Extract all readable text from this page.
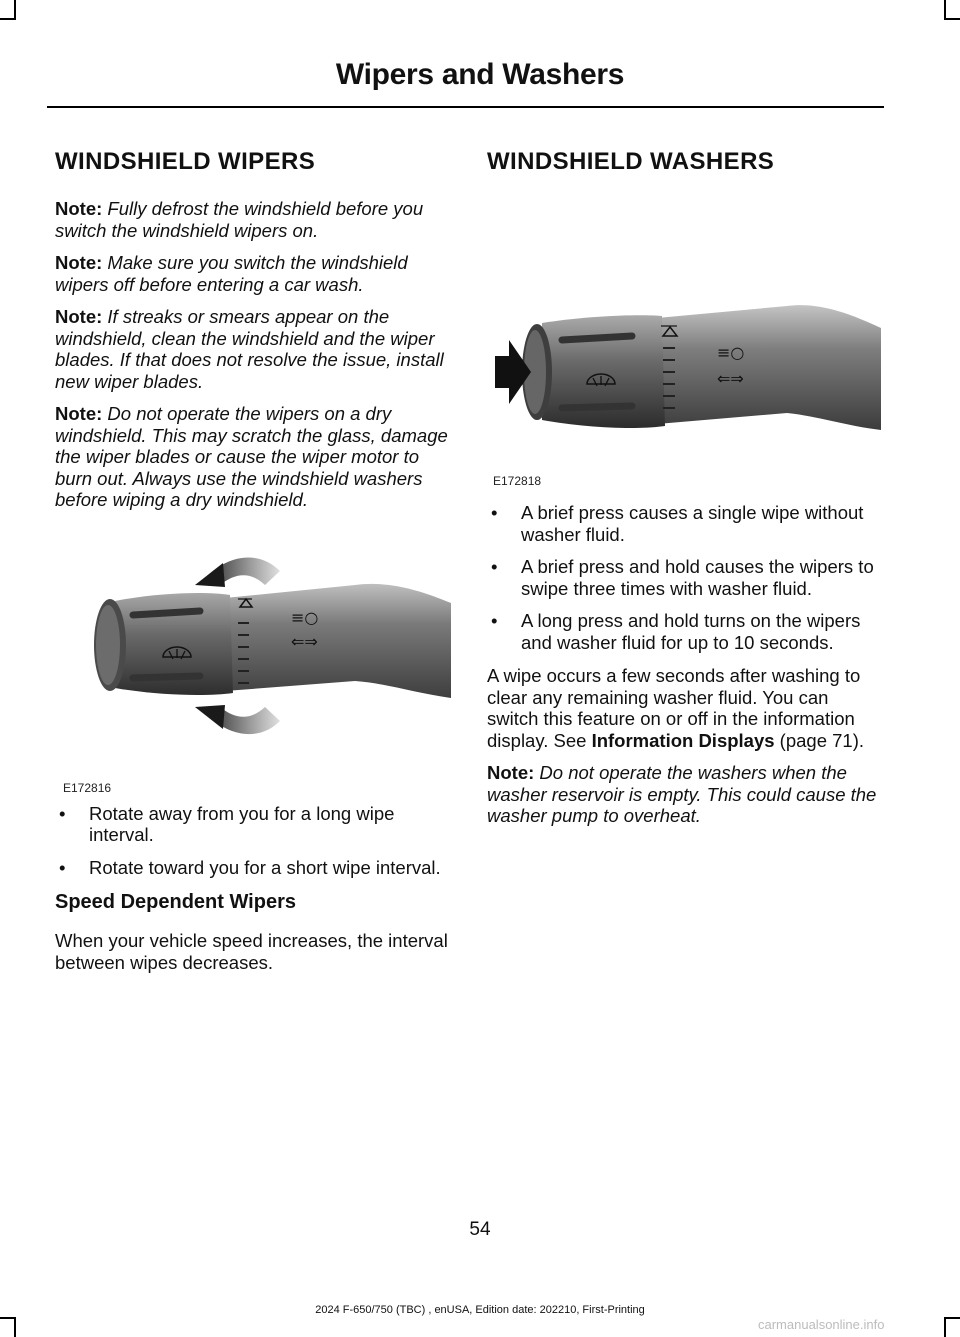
Wipers and Washers
WINDSHIELD WIPERS

Note: Fully defrost the windshield before you switch the windshield wipers on.

Note: Make sure you switch the windshield wipers off before entering a car wash.

Note: If streaks or smears appear on the windshield, clean the windshield and the wiper blades. If that does not resolve the issue, install new wiper blades.

Note: Do not operate the wipers on a dry windshield. This may scratch the glass, damage the wiper blades or cause the wiper motor to burn out. Always use the windshield washers before wiping a dry windshield.

≡○
⇐⇒
E172816
• Rotate away from you for a long wipe interval.
• Rotate toward you for a short wipe interval.
Speed Dependent Wipers

When your vehicle speed increases, the interval between wipes decreases.

WINDSHIELD WASHERS
≡○
⇐⇒
E172818
• A brief press causes a single wipe without washer fluid.
• A brief press and hold causes the wipers to swipe three times with washer fluid.
• A long press and hold turns on the wipers and washer fluid for up to 10 seconds.

A wipe occurs a few seconds after washing to clear any remaining washer fluid. You can switch this feature on or off in the information display. See Information Displays (page 71).

Note: Do not operate the washers when the washer reservoir is empty. This could cause the washer pump to overheat.

54
2024 F-650/750 (TBC) , enUSA, Edition date: 202210, First-Printing
carmanualsonline.info
